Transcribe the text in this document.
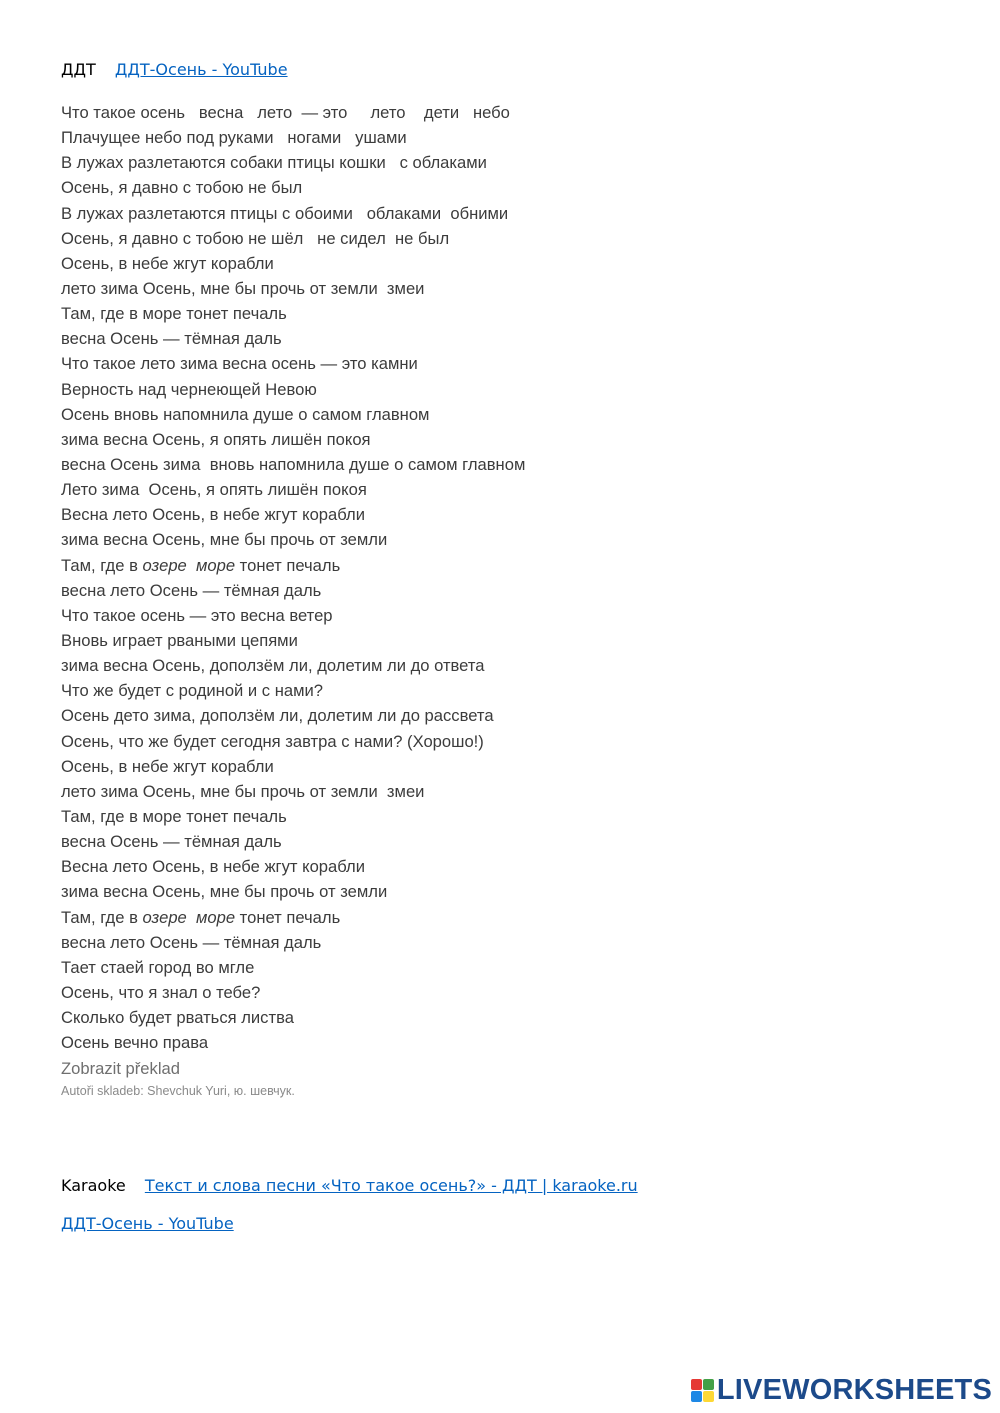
ДДТ ДДТ-Осень - YouTube
Что такое осень   весна   лето  — это     лето    дети   небо
Плачущее небо под руками   ногами   ушами
В лужах разлетаются собаки птицы кошки   с облаками
Осень, я давно с тобою не был
В лужах разлетаются птицы с обоими   облаками  обними
Осень, я давно с тобою не шёл   не сидел  не был
Осень, в небе жгут корабли
лето зима Осень, мне бы прочь от земли  змеи
Там, где в море тонет печаль
весна Осень — тёмная даль
Что такое лето зима весна осень — это камни
Верность над чернеющей Невою
Осень вновь напомнила душе о самом главном
зима весна Осень, я опять лишён покоя
весна Осень зима  вновь напомнила душе о самом главном
Лето зима  Осень, я опять лишён покоя
Весна лето Осень, в небе жгут корабли
зима весна Осень, мне бы прочь от земли
Там, где в озере  море тонет печаль
весна лето Осень — тёмная даль
Что такое осень — это весна ветер
Вновь играет рваными цепями
зима весна Осень, доползём ли, долетим ли до ответа
Что же будет с родиной и с нами?
Осень дето зима, доползём ли, долетим ли до рассвета
Осень, что же будет сегодня завтра с нами? (Хорошо!)
Осень, в небе жгут корабли
лето зима Осень, мне бы прочь от земли  змеи
Там, где в море тонет печаль
весна Осень — тёмная даль
Весна лето Осень, в небе жгут корабли
зима весна Осень, мне бы прочь от земли
Там, где в озере  море тонет печаль
весна лето Осень — тёмная даль
Тает стаей город во мгле
Осень, что я знал о тебе?
Сколько будет рваться листва
Осень вечно права
Zobrazit překlad
Autoři skladeb: Shevchuk Yuri, ю. шевчук.
Karaoke Текст и слова песни «Что такое осень?» - ДДТ | karaoke.ru
ДДТ-Осень - YouTube
LIVEWORKSHEETS
